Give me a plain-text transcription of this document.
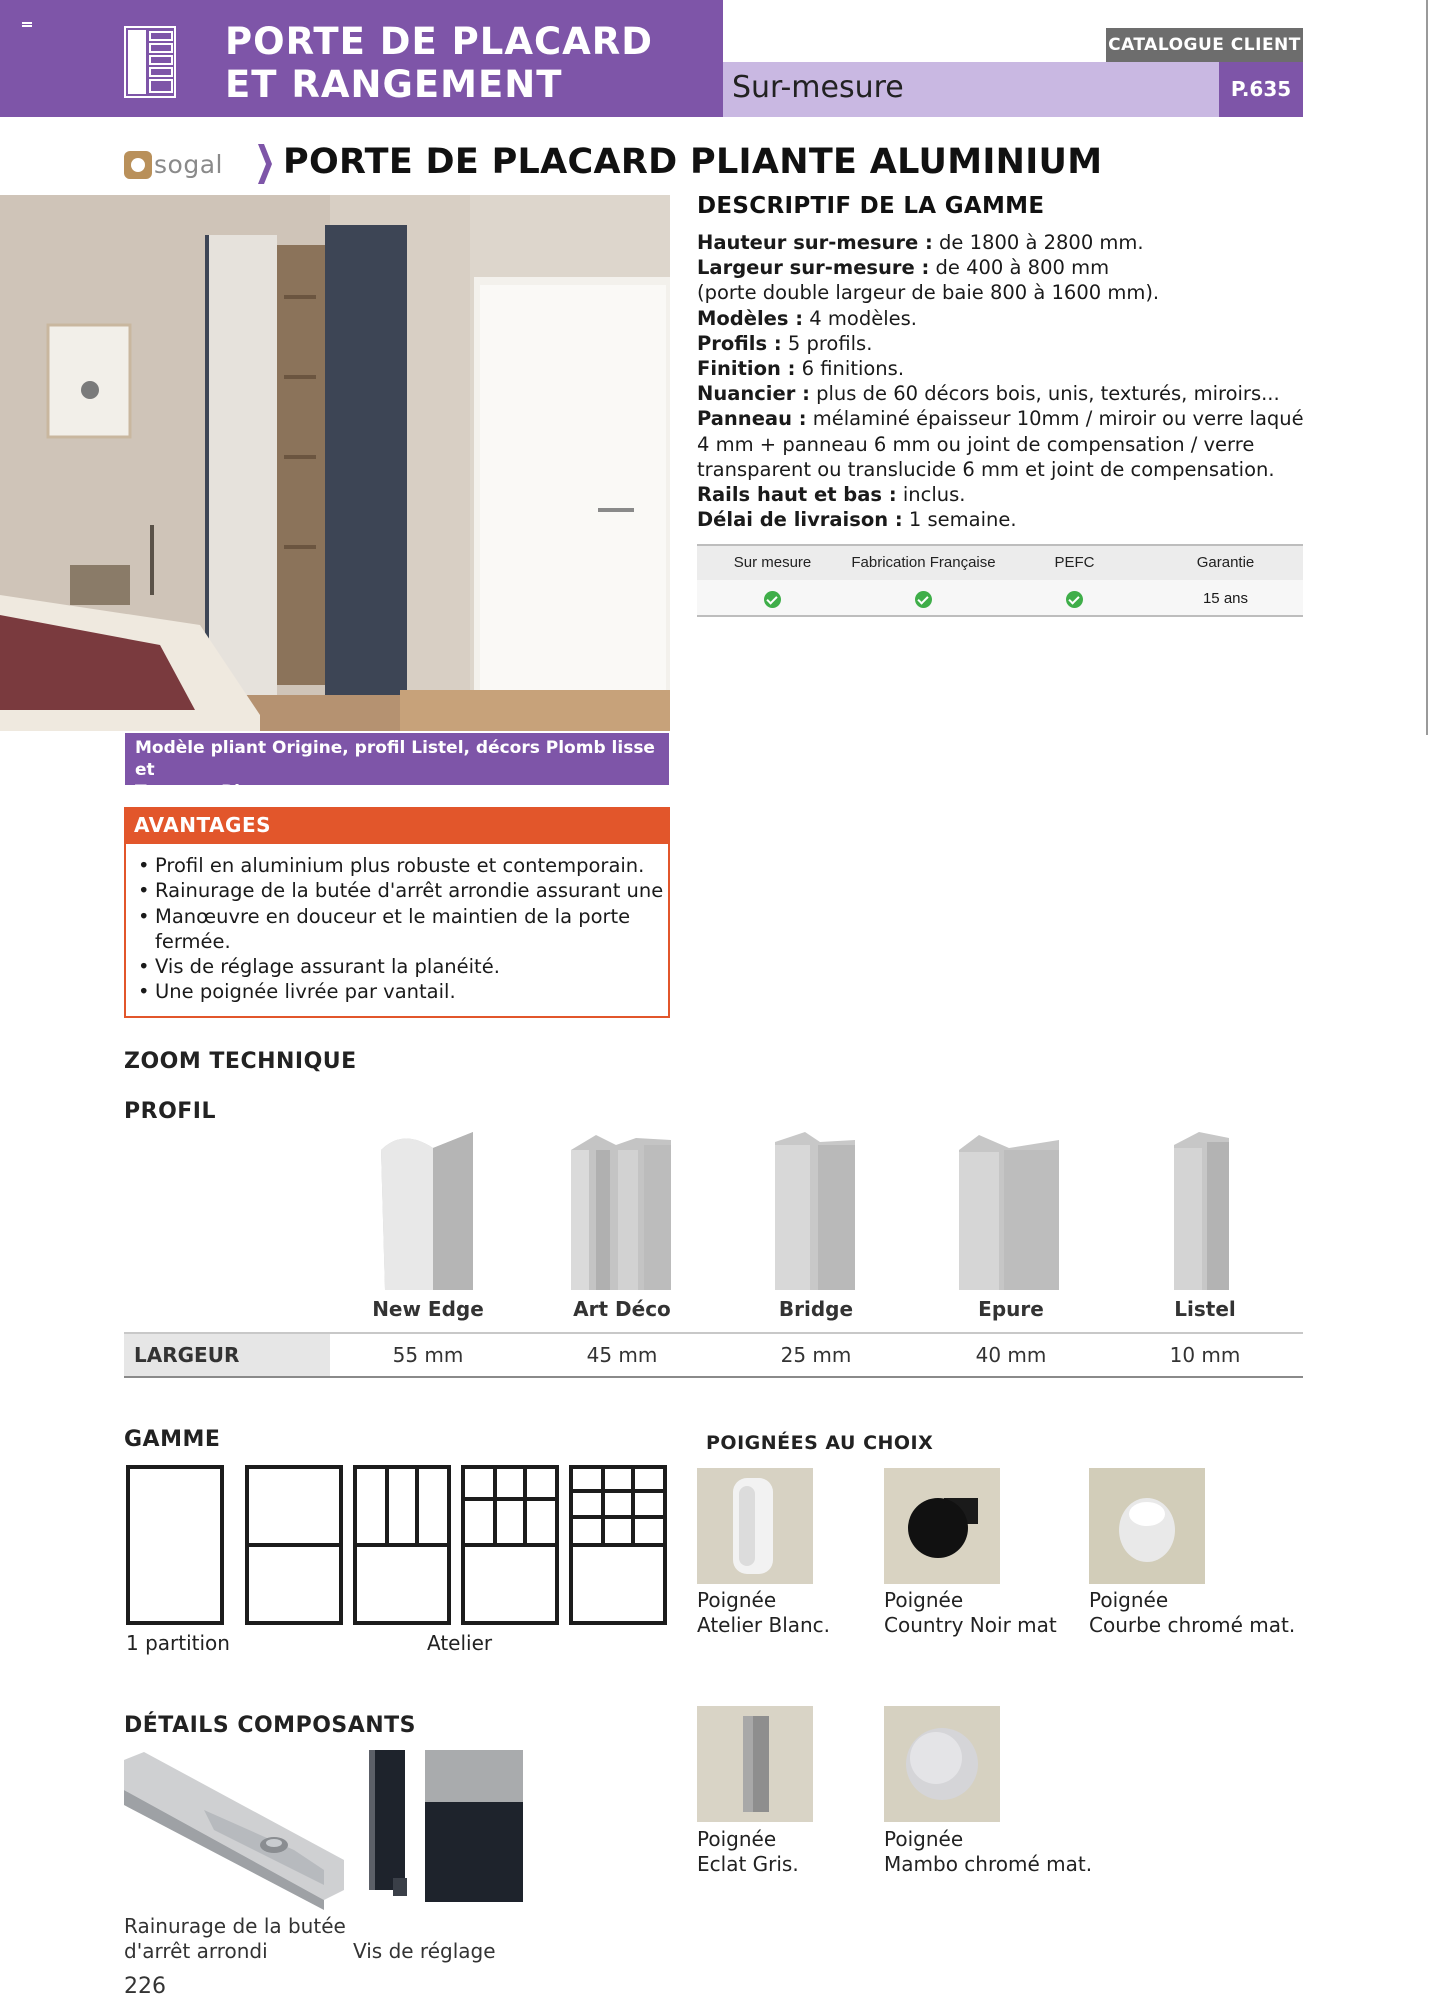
PORTE DE PLACARD
ET RANGEMENT	Sur-mesure
CATALOGUE CLIENT
P.635
sogal PORTE DE PLACARD PLIANTE ALUMINIUM
Modèle pliant Origine, profil Listel, décors Plomb lisse et
Tannage Blanc mat.
DESCRIPTIF DE LA GAMME
Hauteur sur-mesure : de 1800 à 2800 mm.
Largeur sur-mesure : de 400 à 800 mm
(porte double largeur de baie 800 à 1600 mm).
Modèles : 4 modèles.
Profils : 5 profils.
Finition : 6 finitions.
Nuancier : plus de 60 décors bois, unis, texturés, miroirs...
Panneau : mélaminé épaisseur 10mm / miroir ou verre laqué
4 mm + panneau 6 mm ou joint de compensation / verre
transparent ou translucide 6 mm et joint de compensation.
Rails haut et bas : inclus.
Délai de livraison : 1 semaine.
Sur mesure	Fabrication Française	PEFC	Garantie
15 ans
AVANTAGES
• Profil en aluminium plus robuste et contemporain.
• Rainurage de la butée d'arrêt arrondie assurant une
• Manœuvre en douceur et le maintien de la porte fermée.
• Vis de réglage assurant la planéité.
• Une poignée livrée par vantail.
ZOOM TECHNIQUE
PROFIL
New Edge	Art Déco	Bridge	Epure	Listel
LARGEUR	55 mm	45 mm	25 mm	40 mm	10 mm
GAMME
1 partition	Atelier
POIGNÉES AU CHOIX
Poignée
Atelier Blanc.
Poignée
Country Noir mat
Poignée
Courbe chromé mat.
Poignée
Eclat Gris.
Poignée
Mambo chromé mat.
DÉTAILS COMPOSANTS
Rainurage de la butée
d'arrêt arrondi	Vis de réglage
226
